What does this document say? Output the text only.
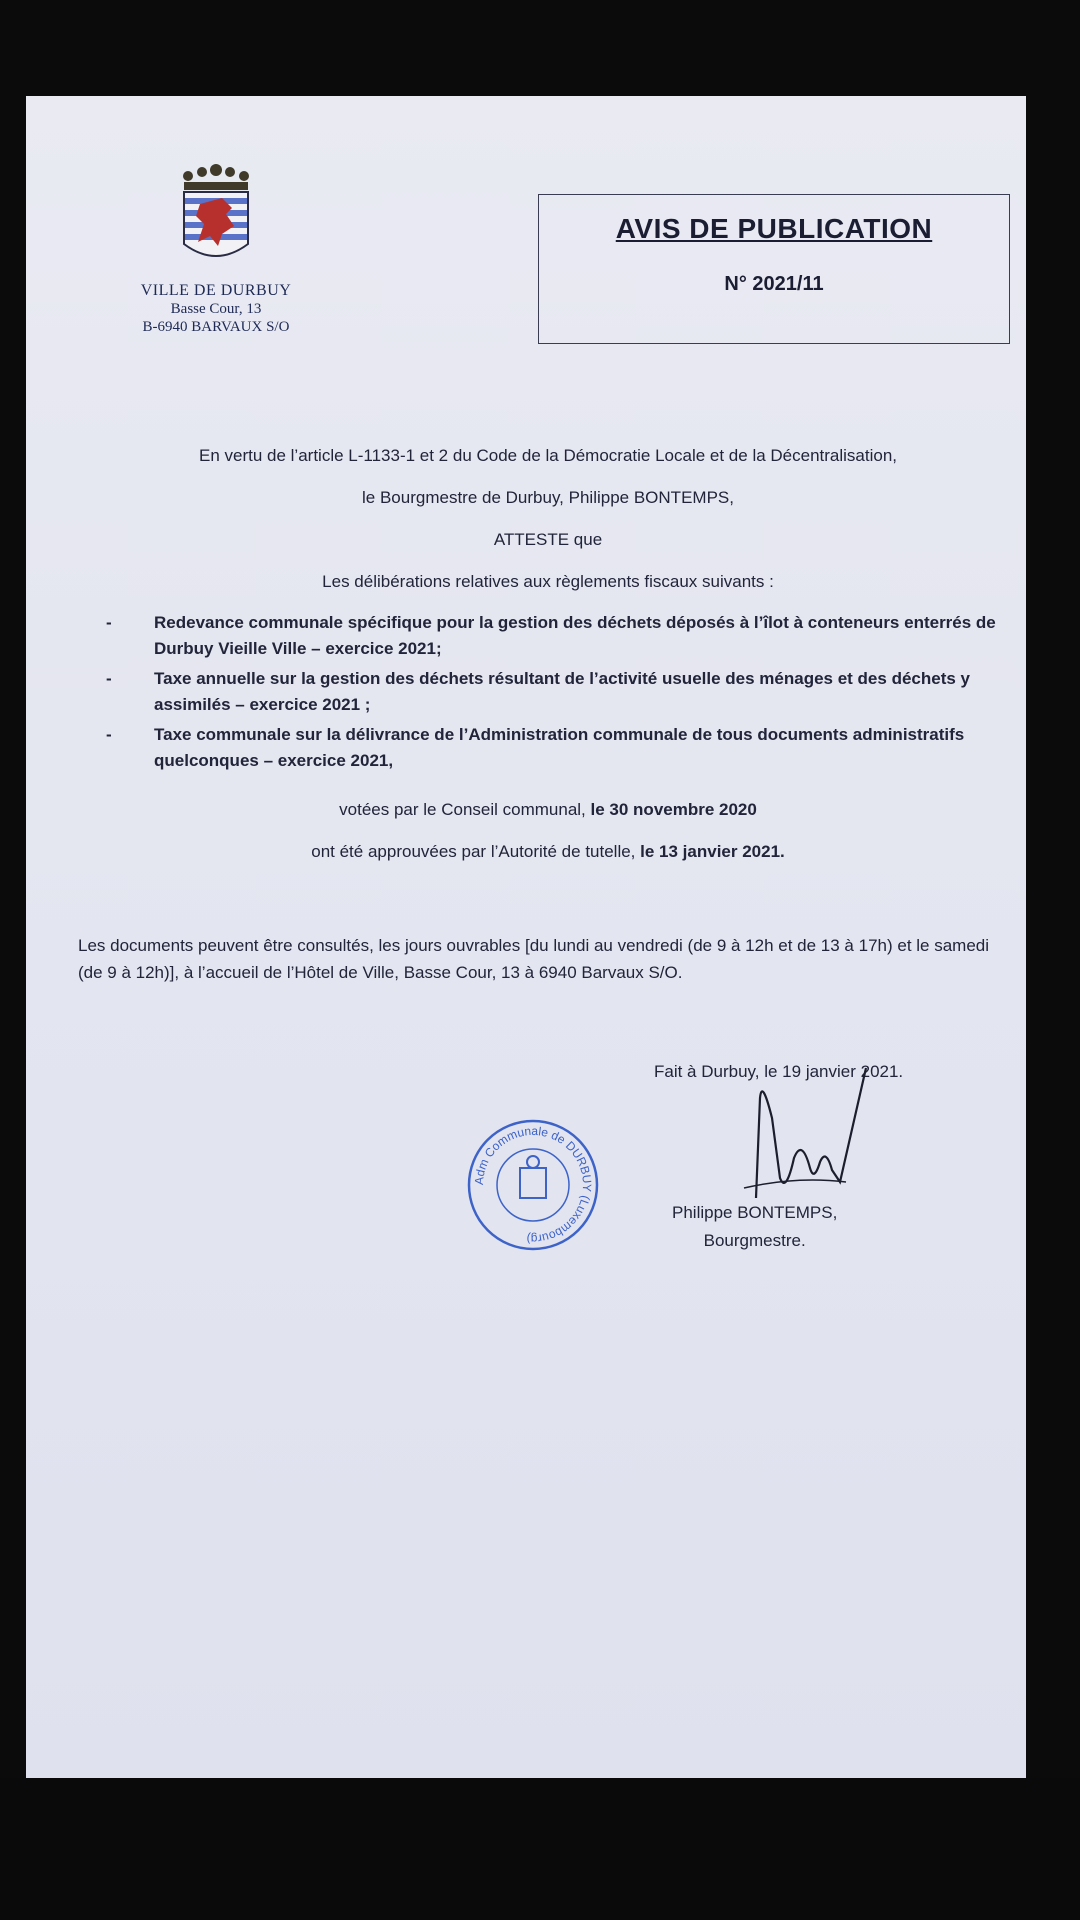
VILLE DE DURBUY
Basse Cour, 13
B-6940 BARVAUX S/O
AVIS DE PUBLICATION
N° 2021/11

En vertu de l’article L-1133-1 et 2 du Code de la Démocratie Locale et de la Décentralisation,

le Bourgmestre de Durbuy, Philippe BONTEMPS,

ATTESTE que

Les délibérations relatives aux règlements fiscaux suivants :

- Redevance communale spécifique pour la gestion des déchets déposés à l’îlot à conteneurs enterrés de Durbuy Vieille Ville – exercice 2021;
- Taxe annuelle sur la gestion des déchets résultant de l’activité usuelle des ménages et des déchets y assimilés – exercice 2021 ;
- Taxe communale sur la délivrance de l’Administration communale de tous documents administratifs quelconques – exercice 2021,

votées par le Conseil communal, le 30 novembre 2020

ont été approuvées par l’Autorité de tutelle, le 13 janvier 2021.

Les documents peuvent être consultés, les jours ouvrables [du lundi au vendredi (de 9 à 12h et de 13 à 17h) et le samedi (de 9 à 12h)], à l’accueil de l’Hôtel de Ville, Basse Cour, 13 à 6940 Barvaux S/O.

Fait à Durbuy, le 19 janvier 2021.
Adm Communale de DURBUY (Luxembourg)
Philippe BONTEMPS,
Bourgmestre.
